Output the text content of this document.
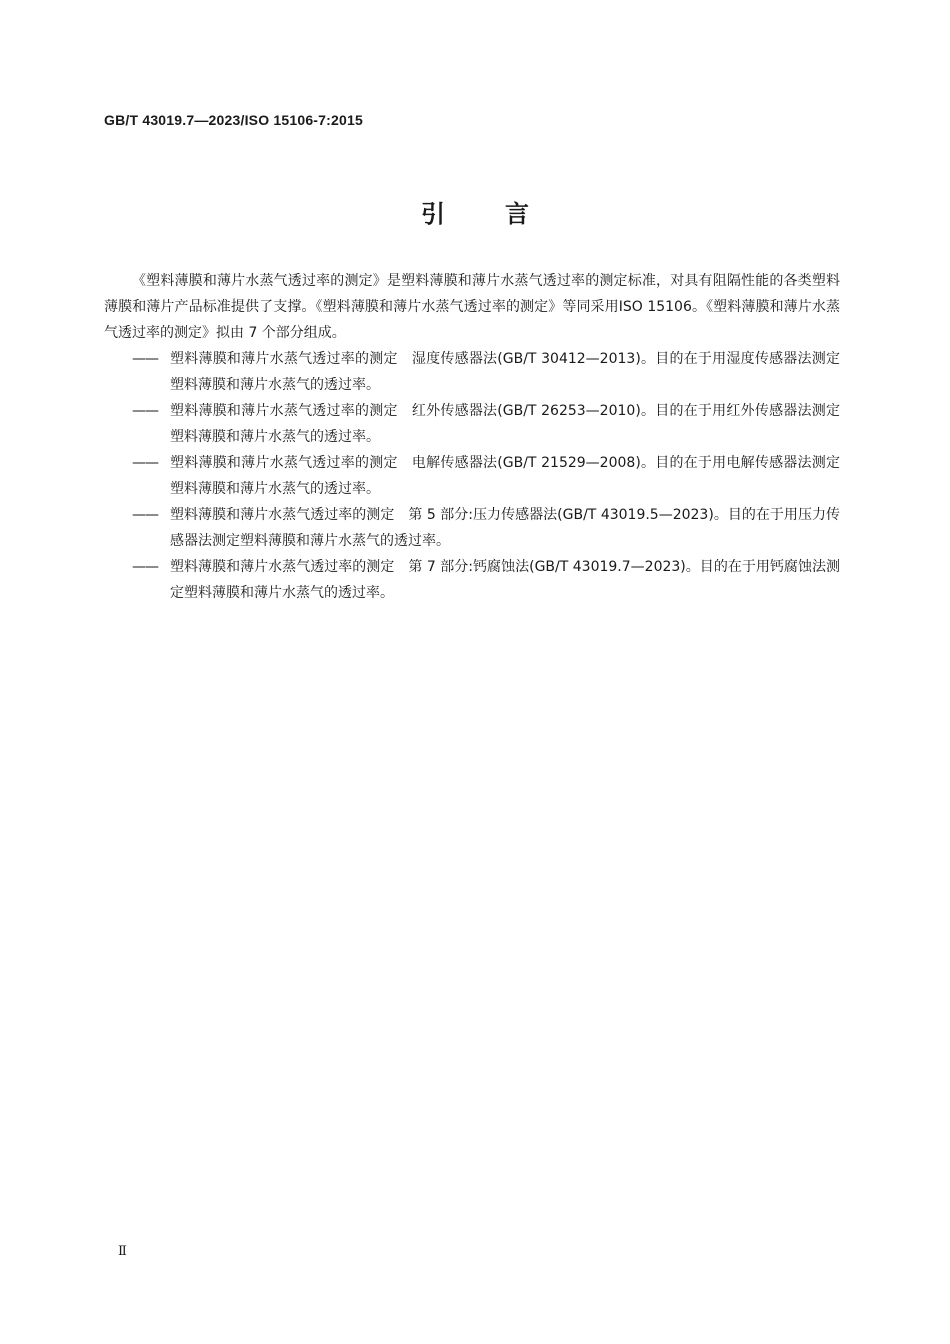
GB/T 43019.7—2023/ISO 15106-7:2015
引言

《塑料薄膜和薄片水蒸气透过率的测定》是塑料薄膜和薄片水蒸气透过率的测定标准，对具有阻隔性能的各类塑料薄膜和薄片产品标准提供了支撑。《塑料薄膜和薄片水蒸气透过率的测定》等同采用ISO 15106。《塑料薄膜和薄片水蒸气透过率的测定》拟由 7 个部分组成。

—— 塑料薄膜和薄片水蒸气透过率的测定　湿度传感器法(GB/T 30412—2013)。目的在于用湿度传感器法测定塑料薄膜和薄片水蒸气的透过率。

—— 塑料薄膜和薄片水蒸气透过率的测定　红外传感器法(GB/T 26253—2010)。目的在于用红外传感器法测定塑料薄膜和薄片水蒸气的透过率。

—— 塑料薄膜和薄片水蒸气透过率的测定　电解传感器法(GB/T 21529—2008)。目的在于用电解传感器法测定塑料薄膜和薄片水蒸气的透过率。

—— 塑料薄膜和薄片水蒸气透过率的测定　第 5 部分:压力传感器法(GB/T 43019.5—2023)。目的在于用压力传感器法测定塑料薄膜和薄片水蒸气的透过率。

—— 塑料薄膜和薄片水蒸气透过率的测定　第 7 部分:钙腐蚀法(GB/T 43019.7—2023)。目的在于用钙腐蚀法测定塑料薄膜和薄片水蒸气的透过率。

Ⅱ
